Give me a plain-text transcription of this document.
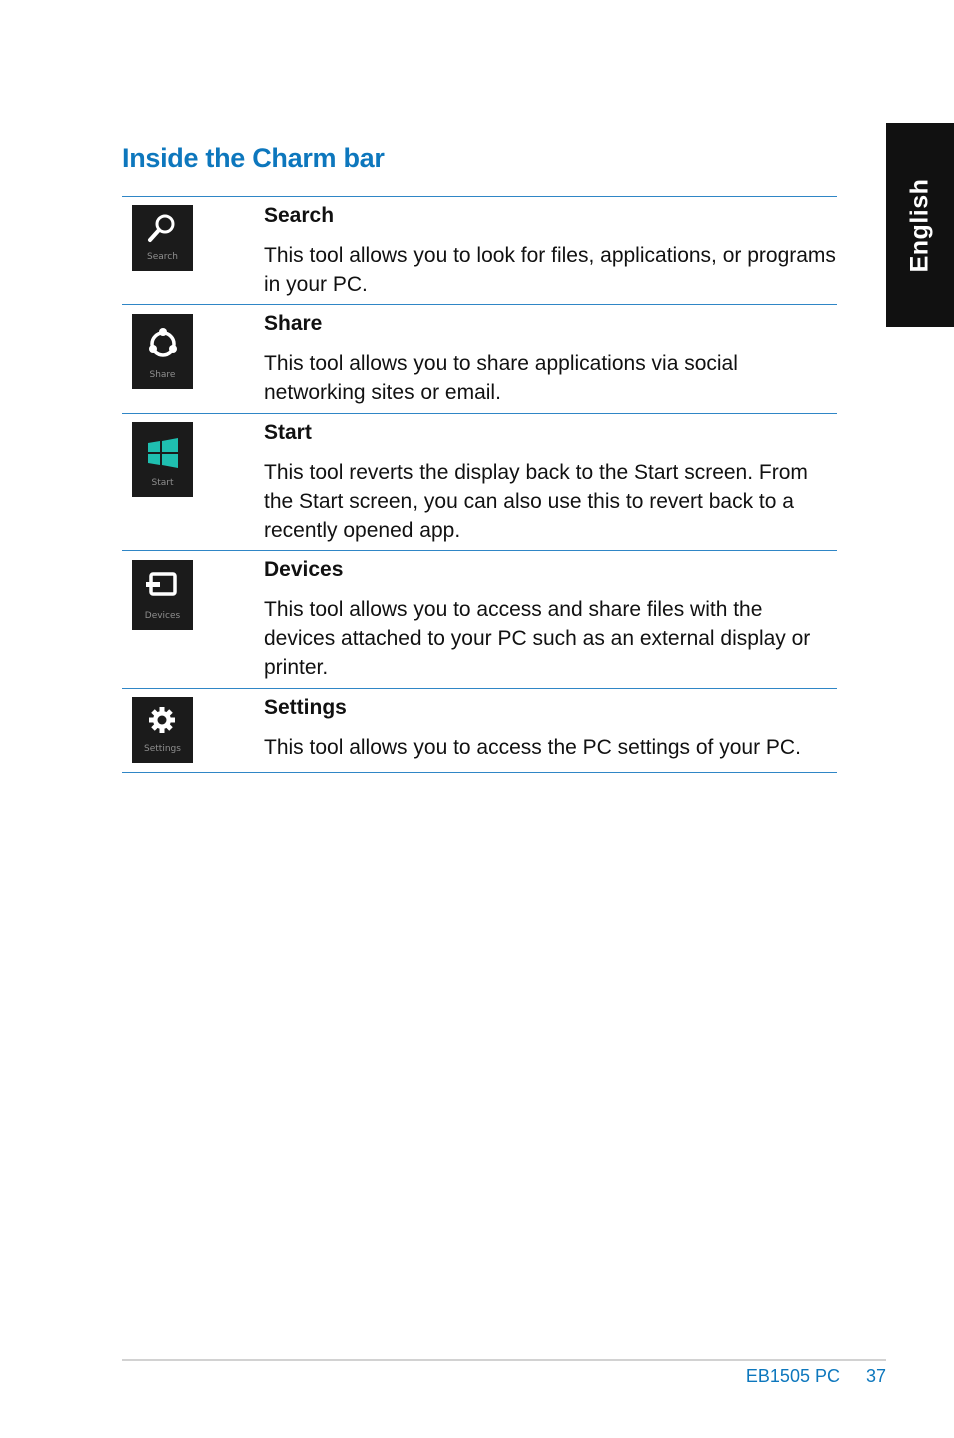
English
Inside the Charm bar
Search

Search

This tool allows you to look for files, applications, or programs in your PC.

Share

Share

This tool allows you to share applications via social networking sites or email.

Start

Start

This tool reverts the display back to the Start screen. From the Start screen, you can also use this to revert back to a recently opened app.

Devices

Devices

This tool allows you to access and share files with the devices attached to your PC such as an external display or printer.

Settings

Settings

This tool allows you to access the PC settings of your PC.

EB1505 PC 37
